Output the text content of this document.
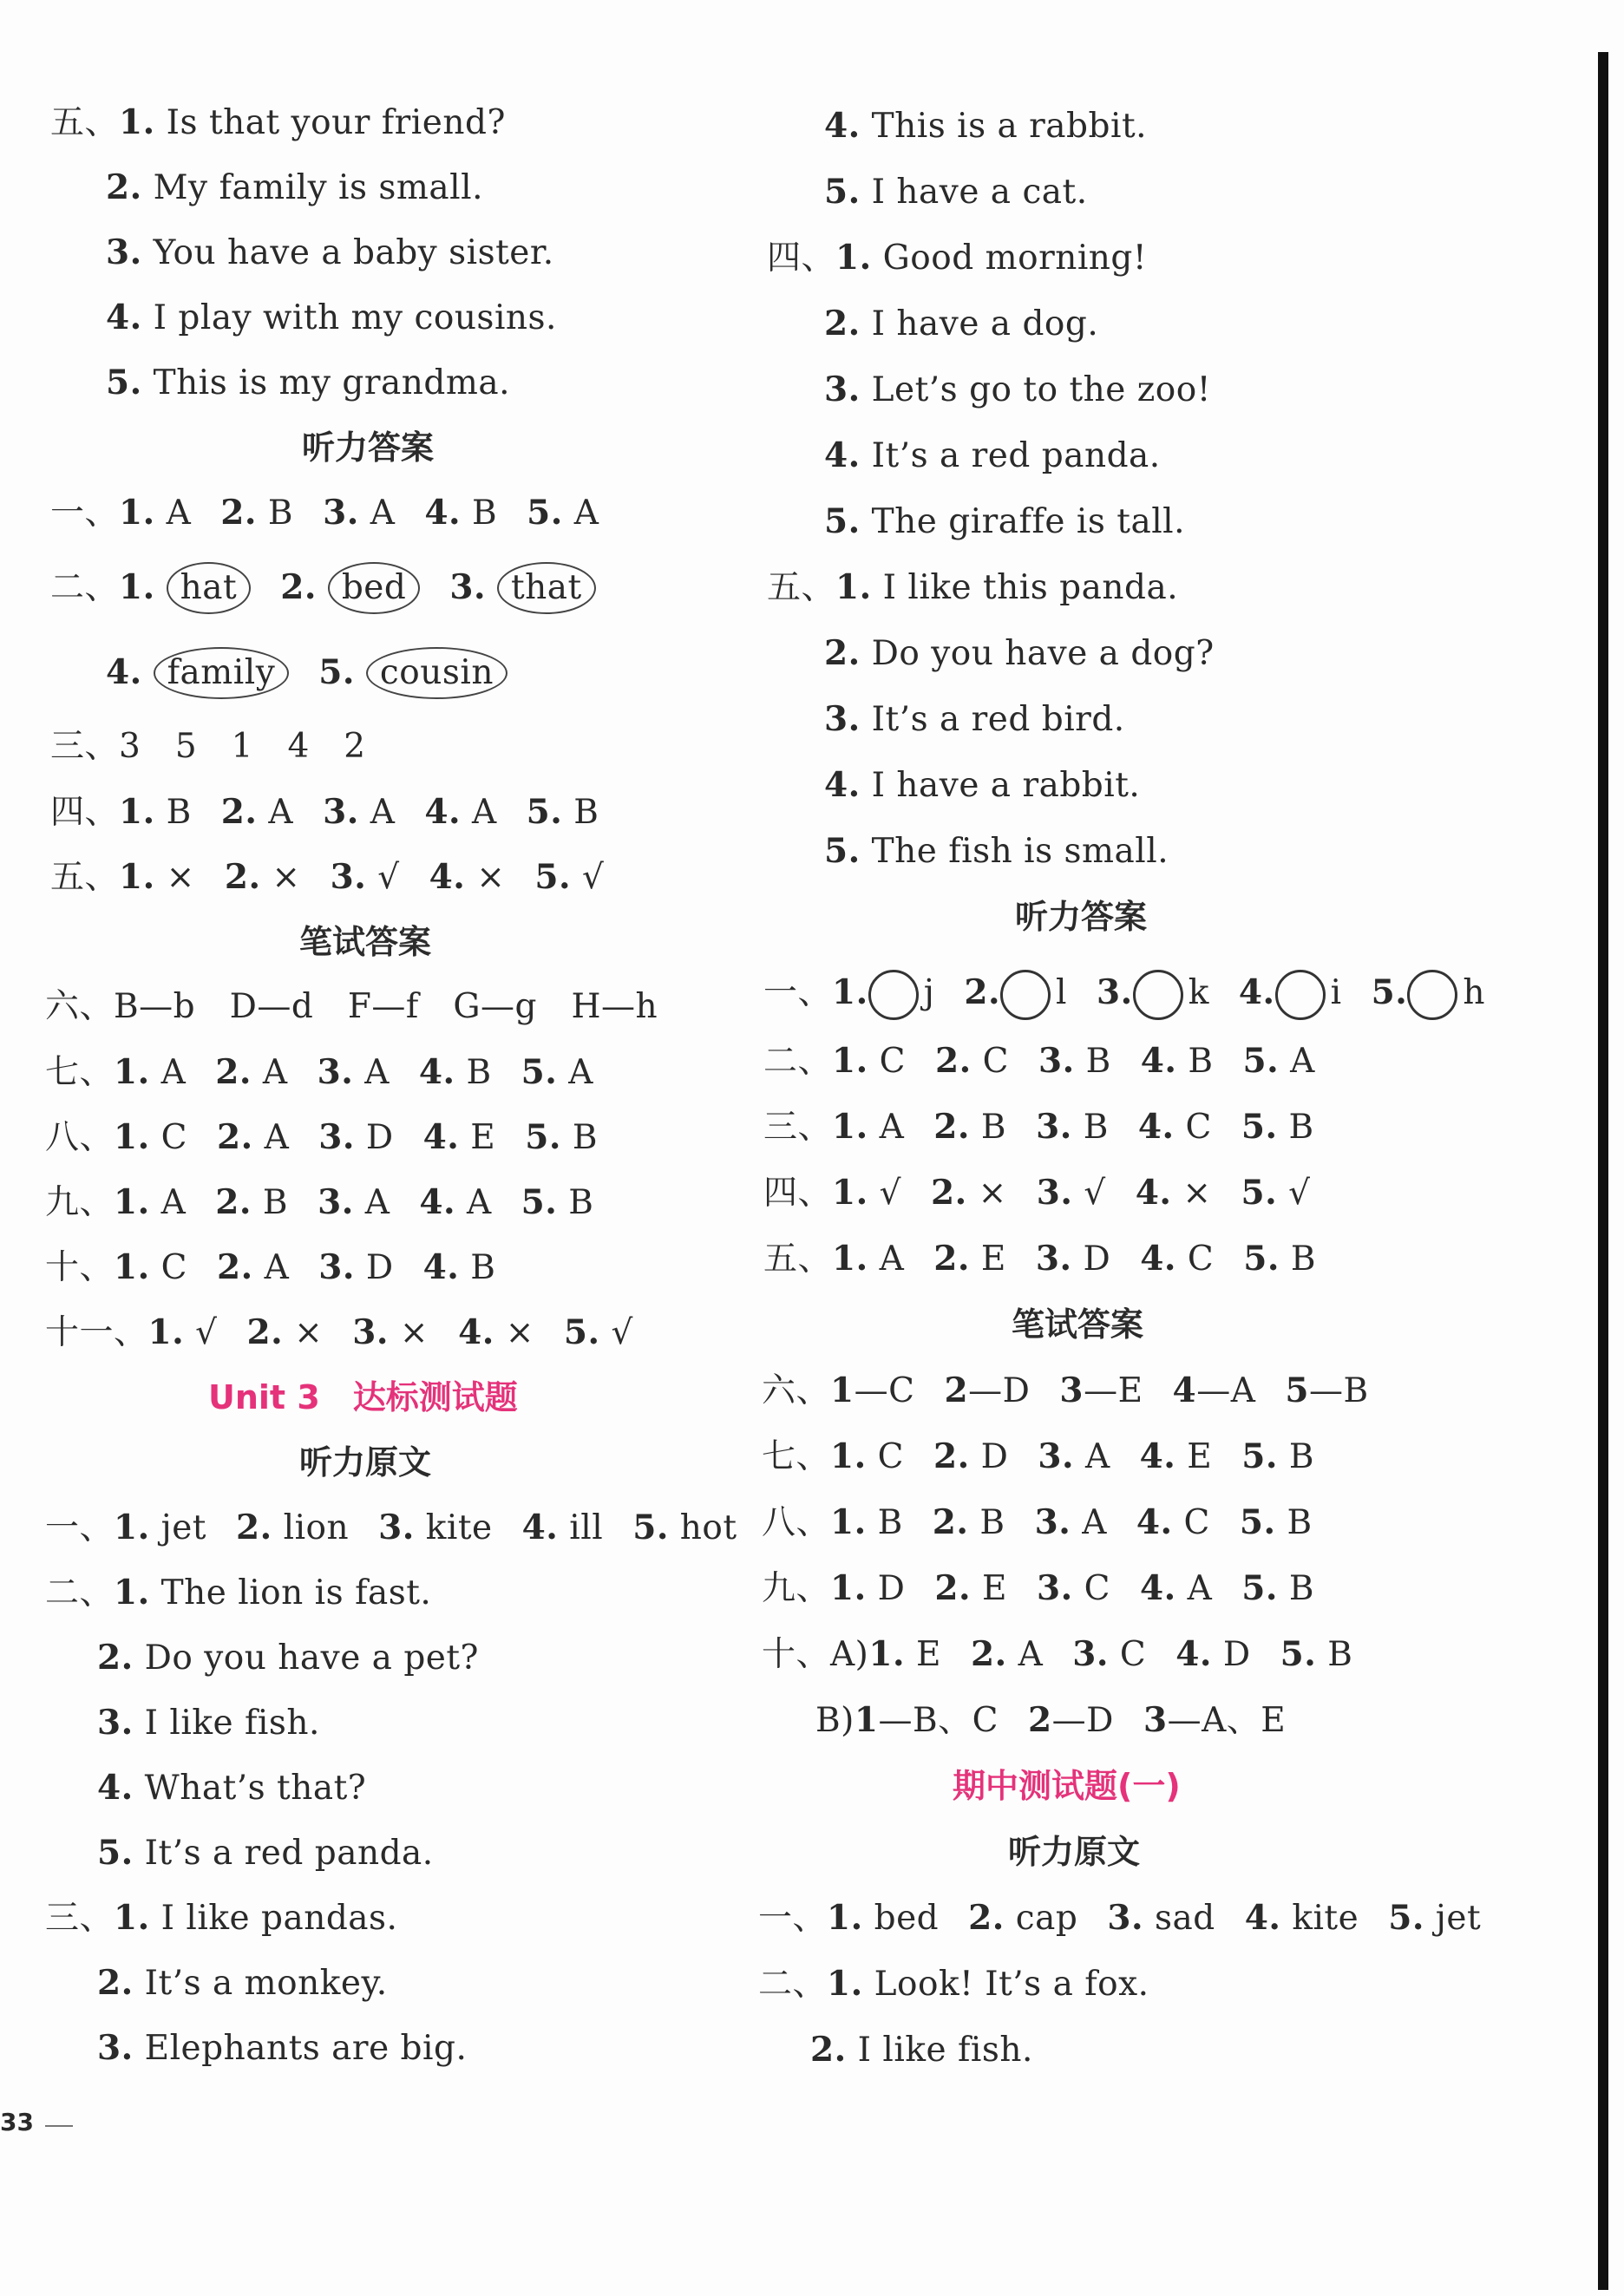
五、1. Is that your friend?
2. My family is small.
3. You have a baby sister.
4. I play with my cousins.
5. This is my grandma.
听力答案
一、1. A 2. B 3. A 4. B 5. A
二、1. hat 2. bed 3. that
4. family 5. cousin
三、3　5　1　4　2
四、1. B 2. A 3. A 4. A 5. B
五、1. × 2. × 3. √ 4. × 5. √
笔试答案
六、B—b　D—d　F—f　G—g　H—h
七、1. A 2. A 3. A 4. B 5. A
八、1. C 2. A 3. D 4. E 5. B
九、1. A 2. B 3. A 4. A 5. B
十、1. C 2. A 3. D 4. B
十一、1. √ 2. × 3. × 4. × 5. √
Unit 3　达标测试题
听力原文
一、1. jet 2. lion 3. kite 4. ill 5. hot
二、1. The lion is fast.
2. Do you have a pet?
3. I like fish.
4. What’s that?
5. It’s a red panda.
三、1. I like pandas.
2. It’s a monkey.
3. Elephants are big.
33
4. This is a rabbit.
5. I have a cat.
四、1. Good morning!
2. I have a dog.
3. Let’s go to the zoo!
4. It’s a red panda.
5. The giraffe is tall.
五、1. I like this panda.
2. Do you have a dog?
3. It’s a red bird.
4. I have a rabbit.
5. The fish is small.
听力答案
一、1. j 2. l 3. k 4. i 5. h
二、1. C 2. C 3. B 4. B 5. A
三、1. A 2. B 3. B 4. C 5. B
四、1. √ 2. × 3. √ 4. × 5. √
五、1. A 2. E 3. D 4. C 5. B
笔试答案
六、1—C 2—D 3—E 4—A 5—B
七、1. C 2. D 3. A 4. E 5. B
八、1. B 2. B 3. A 4. C 5. B
九、1. D 2. E 3. C 4. A 5. B
十、A)1. E 2. A 3. C 4. D 5. B
B)1—B、C 2—D 3—A、E
期中测试题(一)
听力原文
一、1. bed 2. cap 3. sad 4. kite 5. jet
二、1. Look! It’s a fox.
2. I like fish.
